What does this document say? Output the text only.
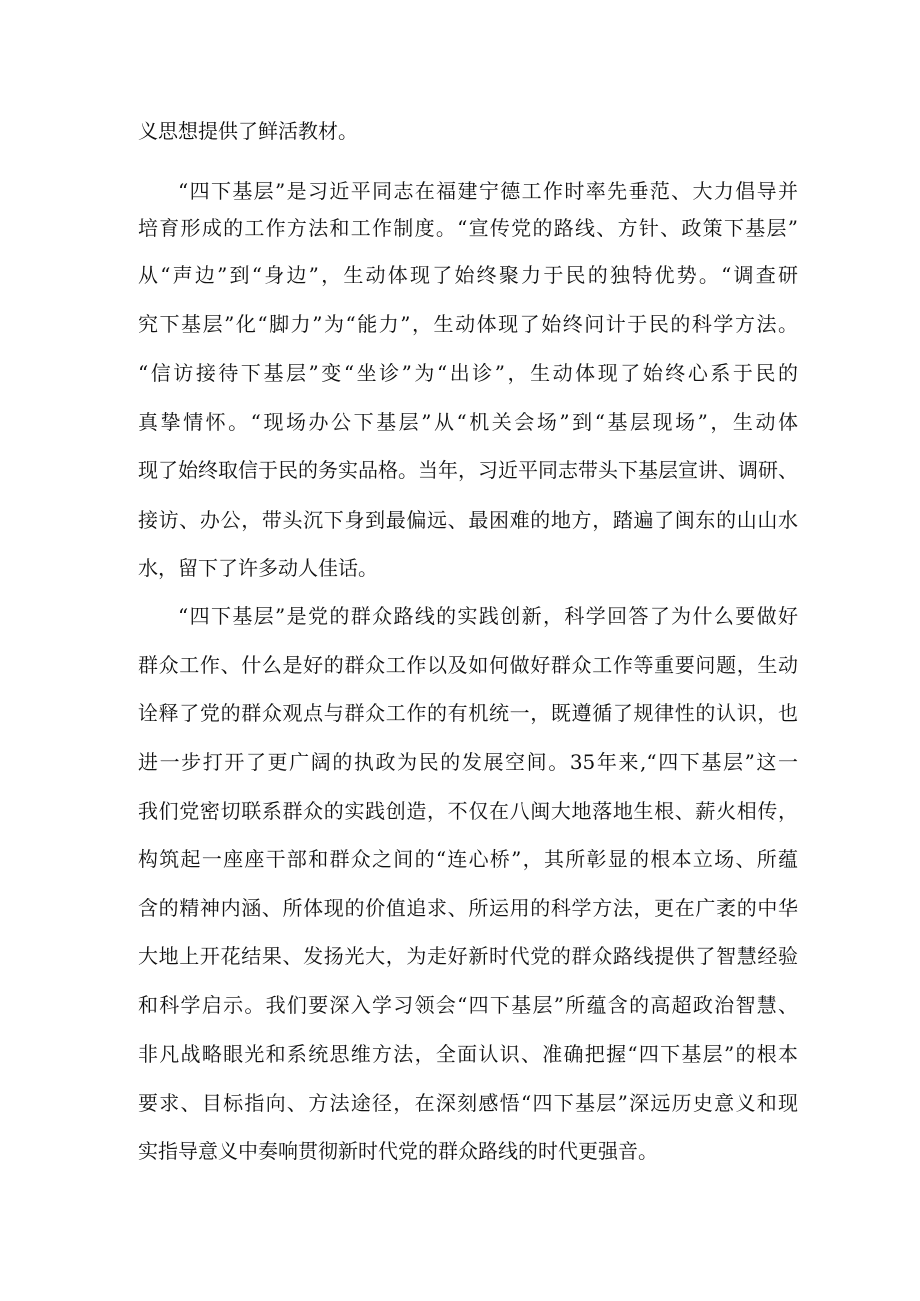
义思想提供了鲜活教材。
“四下基层”是习近平同志在福建宁德工作时率先垂范、大力倡导并
培育形成的工作方法和工作制度。“宣传党的路线、方针、政策下基层”
从“声边”到“身边”，生动体现了始终聚力于民的独特优势。“调查研
究下基层”化“脚力”为“能力”，生动体现了始终问计于民的科学方法。
“信访接待下基层”变“坐诊”为“出诊”，生动体现了始终心系于民的
真挚情怀。“现场办公下基层”从“机关会场”到“基层现场”，生动体
现了始终取信于民的务实品格。当年，习近平同志带头下基层宣讲、调研、
接访、办公，带头沉下身到最偏远、最困难的地方，踏遍了闽东的山山水
水，留下了许多动人佳话。
“四下基层”是党的群众路线的实践创新，科学回答了为什么要做好
群众工作、什么是好的群众工作以及如何做好群众工作等重要问题，生动
诠释了党的群众观点与群众工作的有机统一，既遵循了规律性的认识，也
进一步打开了更广阔的执政为民的发展空间。35年来,“四下基层”这一
我们党密切联系群众的实践创造，不仅在八闽大地落地生根、薪火相传，
构筑起一座座干部和群众之间的“连心桥”，其所彰显的根本立场、所蕴
含的精神内涵、所体现的价值追求、所运用的科学方法，更在广袤的中华
大地上开花结果、发扬光大，为走好新时代党的群众路线提供了智慧经验
和科学启示。我们要深入学习领会“四下基层”所蕴含的高超政治智慧、
非凡战略眼光和系统思维方法，全面认识、准确把握“四下基层”的根本
要求、目标指向、方法途径，在深刻感悟“四下基层”深远历史意义和现
实指导意义中奏响贯彻新时代党的群众路线的时代更强音。
